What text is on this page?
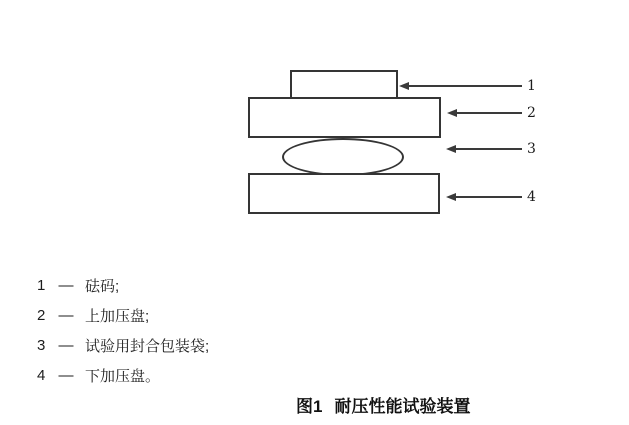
1
2
3
4
1 — 砝码;
2 — 上加压盘;
3 — 试验用封合包装袋;
4 — 下加压盘。
图1 耐压性能试验装置
